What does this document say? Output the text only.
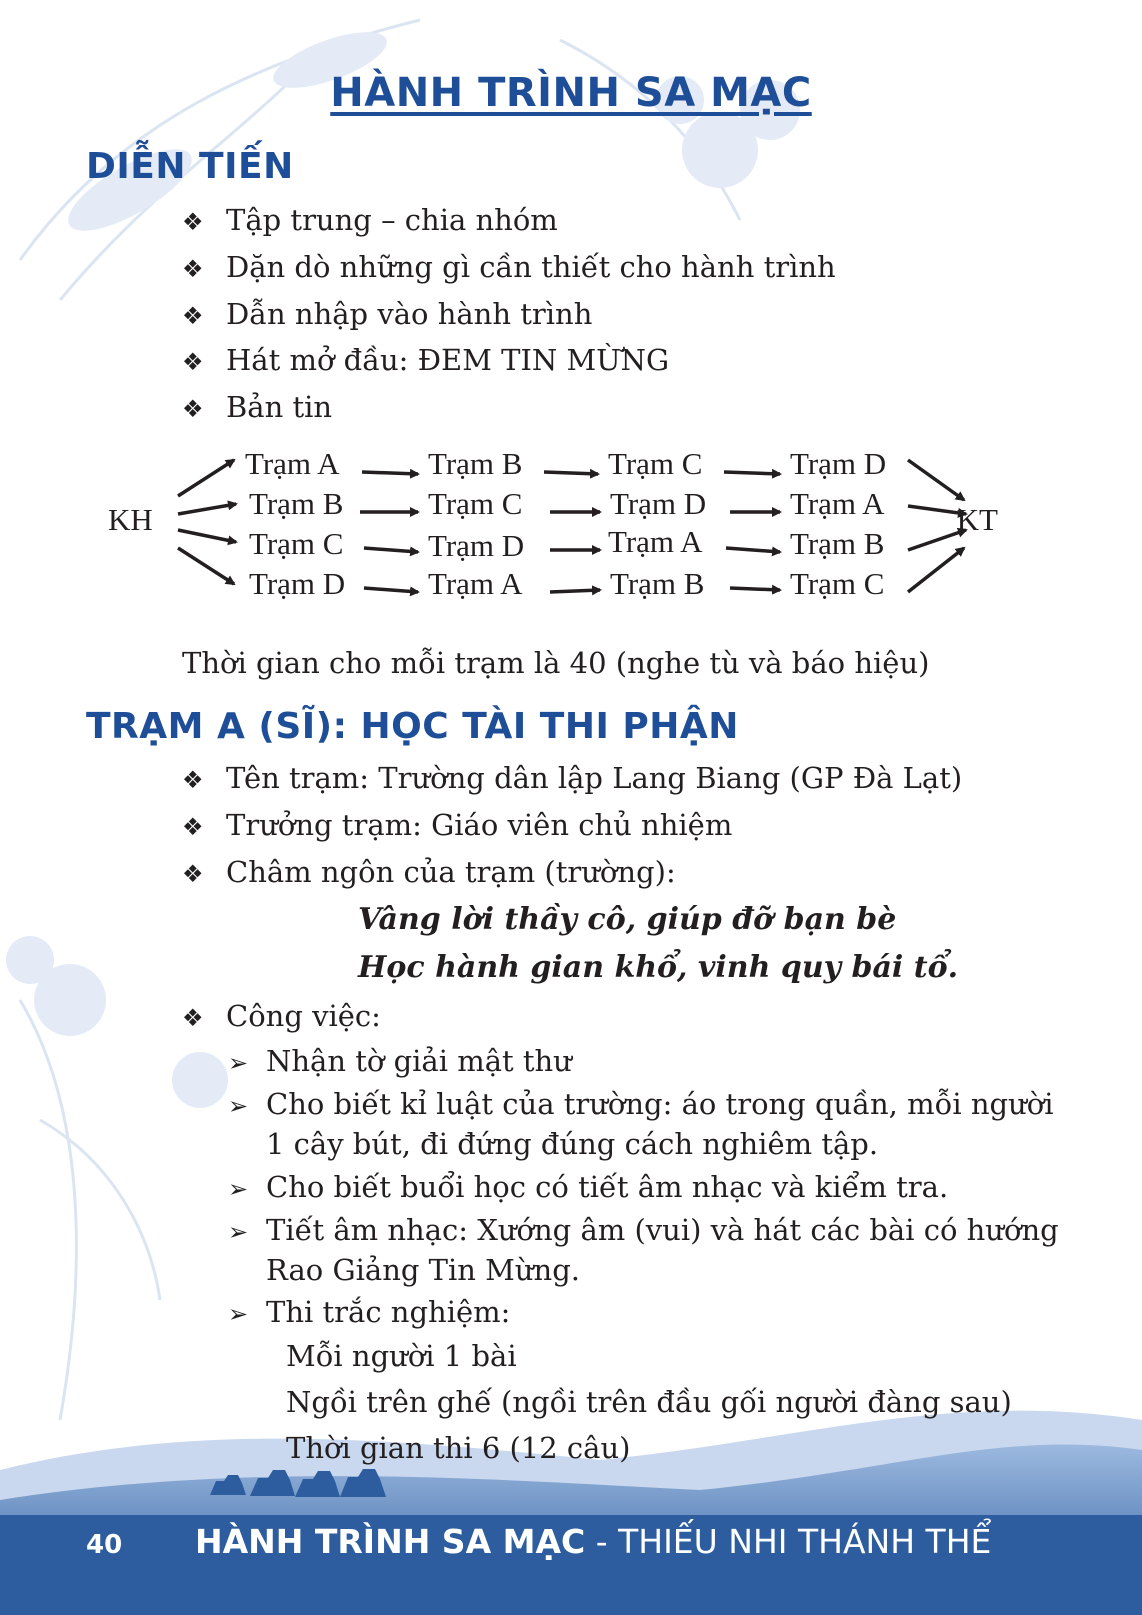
HÀNH TRÌNH SA MẠC
DIỄN TIẾN
❖ Tập trung – chia nhóm
❖ Dặn dò những gì cần thiết cho hành trình
❖ Dẫn nhập vào hành trình
❖ Hát mở đầu: ĐEM TIN MỪNG
❖ Bản tin
KH	KT
Trạm A	Trạm B	Trạm C	Trạm D
Trạm B	Trạm C	Trạm D	Trạm A
Trạm C	Trạm D	Trạm A	Trạm B
Trạm D	Trạm A	Trạm B	Trạm C
Thời gian cho mỗi trạm là 40 (nghe tù và báo hiệu)
TRẠM A (SĨ): HỌC TÀI THI PHẬN
❖ Tên trạm: Trường dân lập Lang Biang (GP Đà Lạt)
❖ Trưởng trạm: Giáo viên chủ nhiệm
❖ Châm ngôn của trạm (trường):
Vâng lời thầy cô, giúp đỡ bạn bè
Học hành gian khổ, vinh quy bái tổ.
❖ Công việc:
➢ Nhận tờ giải mật thư
➢ Cho biết kỉ luật của trường: áo trong quần, mỗi người
1 cây bút, đi đứng đúng cách nghiêm tập.
➢ Cho biết buổi học có tiết âm nhạc và kiểm tra.
➢ Tiết âm nhạc: Xướng âm (vui) và hát các bài có hướng
Rao Giảng Tin Mừng.
➢ Thi trắc nghiệm:
Mỗi người 1 bài
Ngồi trên ghế (ngồi trên đầu gối người đàng sau)
Thời gian thi 6 (12 câu)
40 HÀNH TRÌNH SA MẠC - THIẾU NHI THÁNH THỂ
